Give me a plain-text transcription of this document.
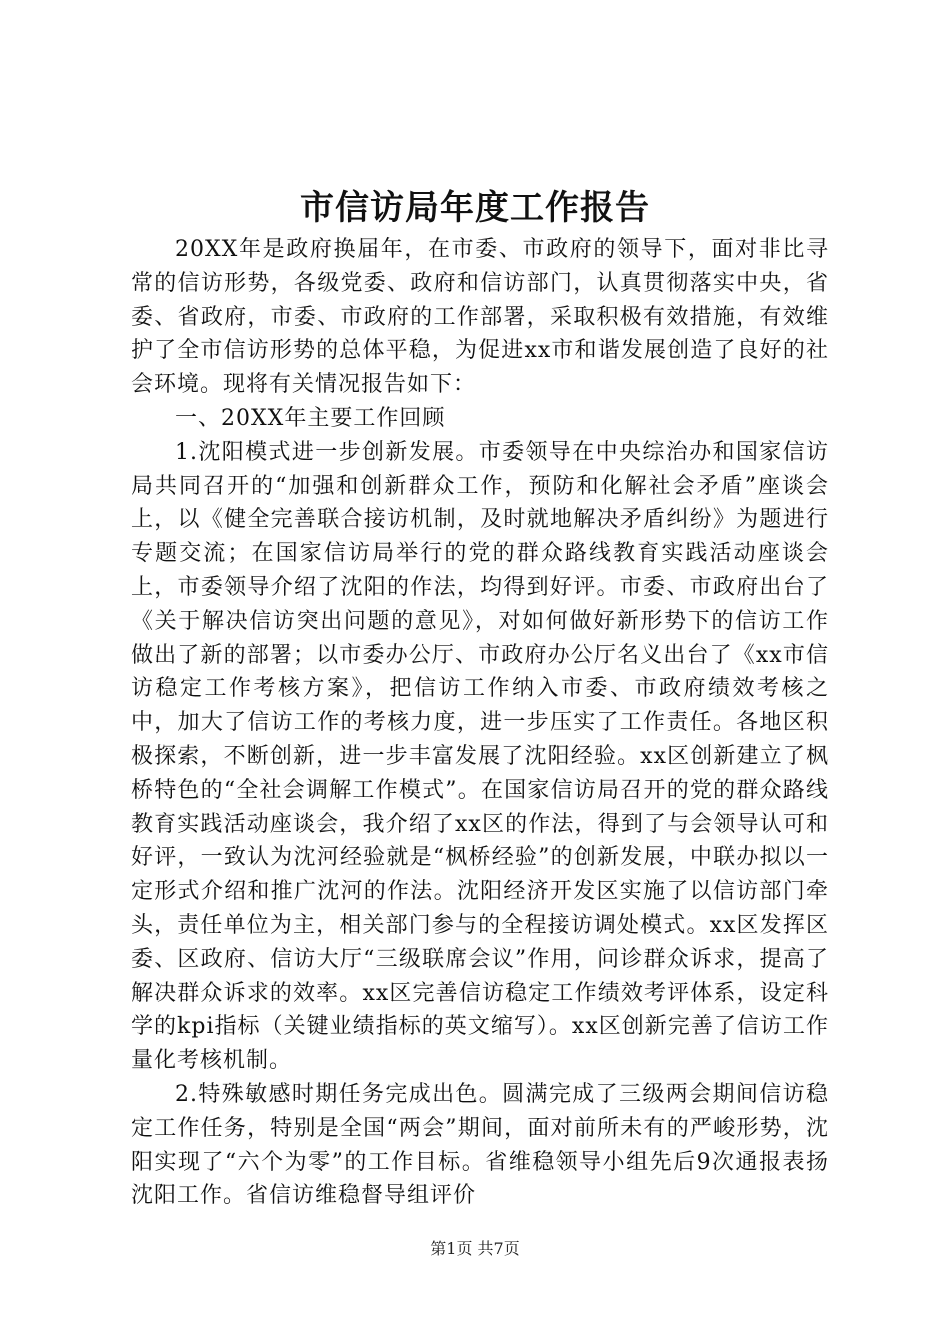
市信访局年度工作报告

20XX年是政府换届年，在市委、市政府的领导下，面对非比寻常的信访形势，各级党委、政府和信访部门，认真贯彻落实中央，省委、省政府，市委、市政府的工作部署，采取积极有效措施，有效维护了全市信访形势的总体平稳，为促进xx市和谐发展创造了良好的社会环境。现将有关情况报告如下：

一、20XX年主要工作回顾

1.沈阳模式进一步创新发展。市委领导在中央综治办和国家信访局共同召开的“加强和创新群众工作，预防和化解社会矛盾”座谈会上，以《健全完善联合接访机制，及时就地解决矛盾纠纷》为题进行专题交流；在国家信访局举行的党的群众路线教育实践活动座谈会上，市委领导介绍了沈阳的作法，均得到好评。市委、市政府出台了《关于解决信访突出问题的意见》，对如何做好新形势下的信访工作做出了新的部署；以市委办公厅、市政府办公厅名义出台了《xx市信访稳定工作考核方案》，把信访工作纳入市委、市政府绩效考核之中，加大了信访工作的考核力度，进一步压实了工作责任。各地区积极探索，不断创新，进一步丰富发展了沈阳经验。xx区创新建立了枫桥特色的“全社会调解工作模式”。在国家信访局召开的党的群众路线教育实践活动座谈会，我介绍了xx区的作法，得到了与会领导认可和好评，一致认为沈河经验就是“枫桥经验”的创新发展，中联办拟以一定形式介绍和推广沈河的作法。沈阳经济开发区实施了以信访部门牵头，责任单位为主，相关部门参与的全程接访调处模式。xx区发挥区委、区政府、信访大厅“三级联席会议”作用，问诊群众诉求，提高了解决群众诉求的效率。xx区完善信访稳定工作绩效考评体系，设定科学的kpi指标（关键业绩指标的英文缩写）。xx区创新完善了信访工作量化考核机制。

2.特殊敏感时期任务完成出色。圆满完成了三级两会期间信访稳定工作任务，特别是全国“两会”期间，面对前所未有的严峻形势，沈阳实现了“六个为零”的工作目标。省维稳领导小组先后9次通报表扬沈阳工作。省信访维稳督导组评价

第1页 共7页
